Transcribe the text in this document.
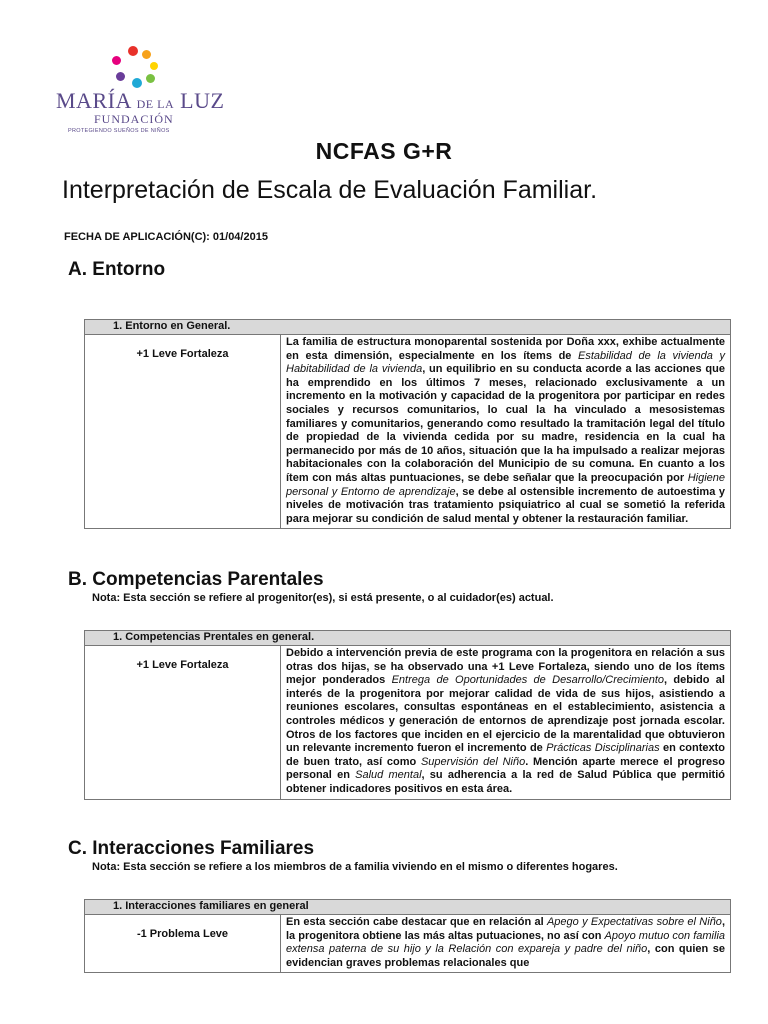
MARÍA DE LA LUZ
FUNDACIÓN
PROTEGIENDO SUEÑOS DE NIÑOS
NCFAS G+R
Interpretación de Escala de Evaluación Familiar.
FECHA DE APLICACIÓN(C): 01/04/2015
A. Entorno
1. Entorno en General.
+1 Leve Fortaleza	La familia de estructura monoparental sostenida por Doña xxx, exhibe actualmente en esta dimensión, especialmente en los ítems de Estabilidad de la vivienda y Habitabilidad de la vivienda, un equilibrio en su conducta acorde a las acciones que ha emprendido en los últimos 7 meses, relacionado exclusivamente a un incremento en la motivación y capacidad de la progenitora por participar en redes sociales y recursos comunitarios, lo cual la ha vinculado a mesosistemas familiares y comunitarios, generando como resultado la tramitación legal del título de propiedad de la vivienda cedida por su madre, residencia en la cual ha permanecido por más de 10 años, situación que la ha impulsado a realizar mejoras habitacionales con la colaboración del Municipio de su comuna. En cuanto a los ítem con más altas puntuaciones, se debe señalar que la preocupación por Higiene personal y Entorno de aprendizaje, se debe al ostensible incremento de autoestima y niveles de motivación tras tratamiento psiquiatrico al cual se sometió la referida para mejorar su condición de salud mental y obtener la restauración familiar.
B. Competencias Parentales
Nota: Esta sección se refiere al progenitor(es), si está presente, o al cuidador(es) actual.
1. Competencias Prentales en general.
+1 Leve Fortaleza	Debido a intervención previa de este programa con la progenitora en relación a sus otras dos hijas, se ha observado una +1 Leve Fortaleza, siendo uno de los ítems mejor ponderados Entrega de Oportunidades de Desarrollo/Crecimiento, debido al interés de la progenitora por mejorar calidad de vida de sus hijos, asistiendo a reuniones escolares, consultas espontáneas en el establecimiento, asistencia a controles médicos y generación de entornos de aprendizaje post jornada escolar. Otros de los factores que inciden en el ejercicio de la marentalidad que obtuvieron un relevante incremento fueron el incremento de Prácticas Disciplinarias en contexto de buen trato, así como Supervisión del Niño. Mención aparte merece el progreso personal en Salud mental, su adherencia a la red de Salud Pública que permitió obtener indicadores positivos en esta área.
C. Interacciones Familiares
Nota: Esta sección se refiere a los miembros de a familia viviendo en el mismo o diferentes hogares.
1. Interacciones familiares en general
-1 Problema Leve	En esta sección cabe destacar que en relación al Apego y Expectativas sobre el Niño, la progenitora obtiene las más altas putuaciones, no así con Apoyo mutuo con familia extensa paterna de su hijo y la Relación con expareja y padre del niño, con quien se evidencian graves problemas relacionales que
